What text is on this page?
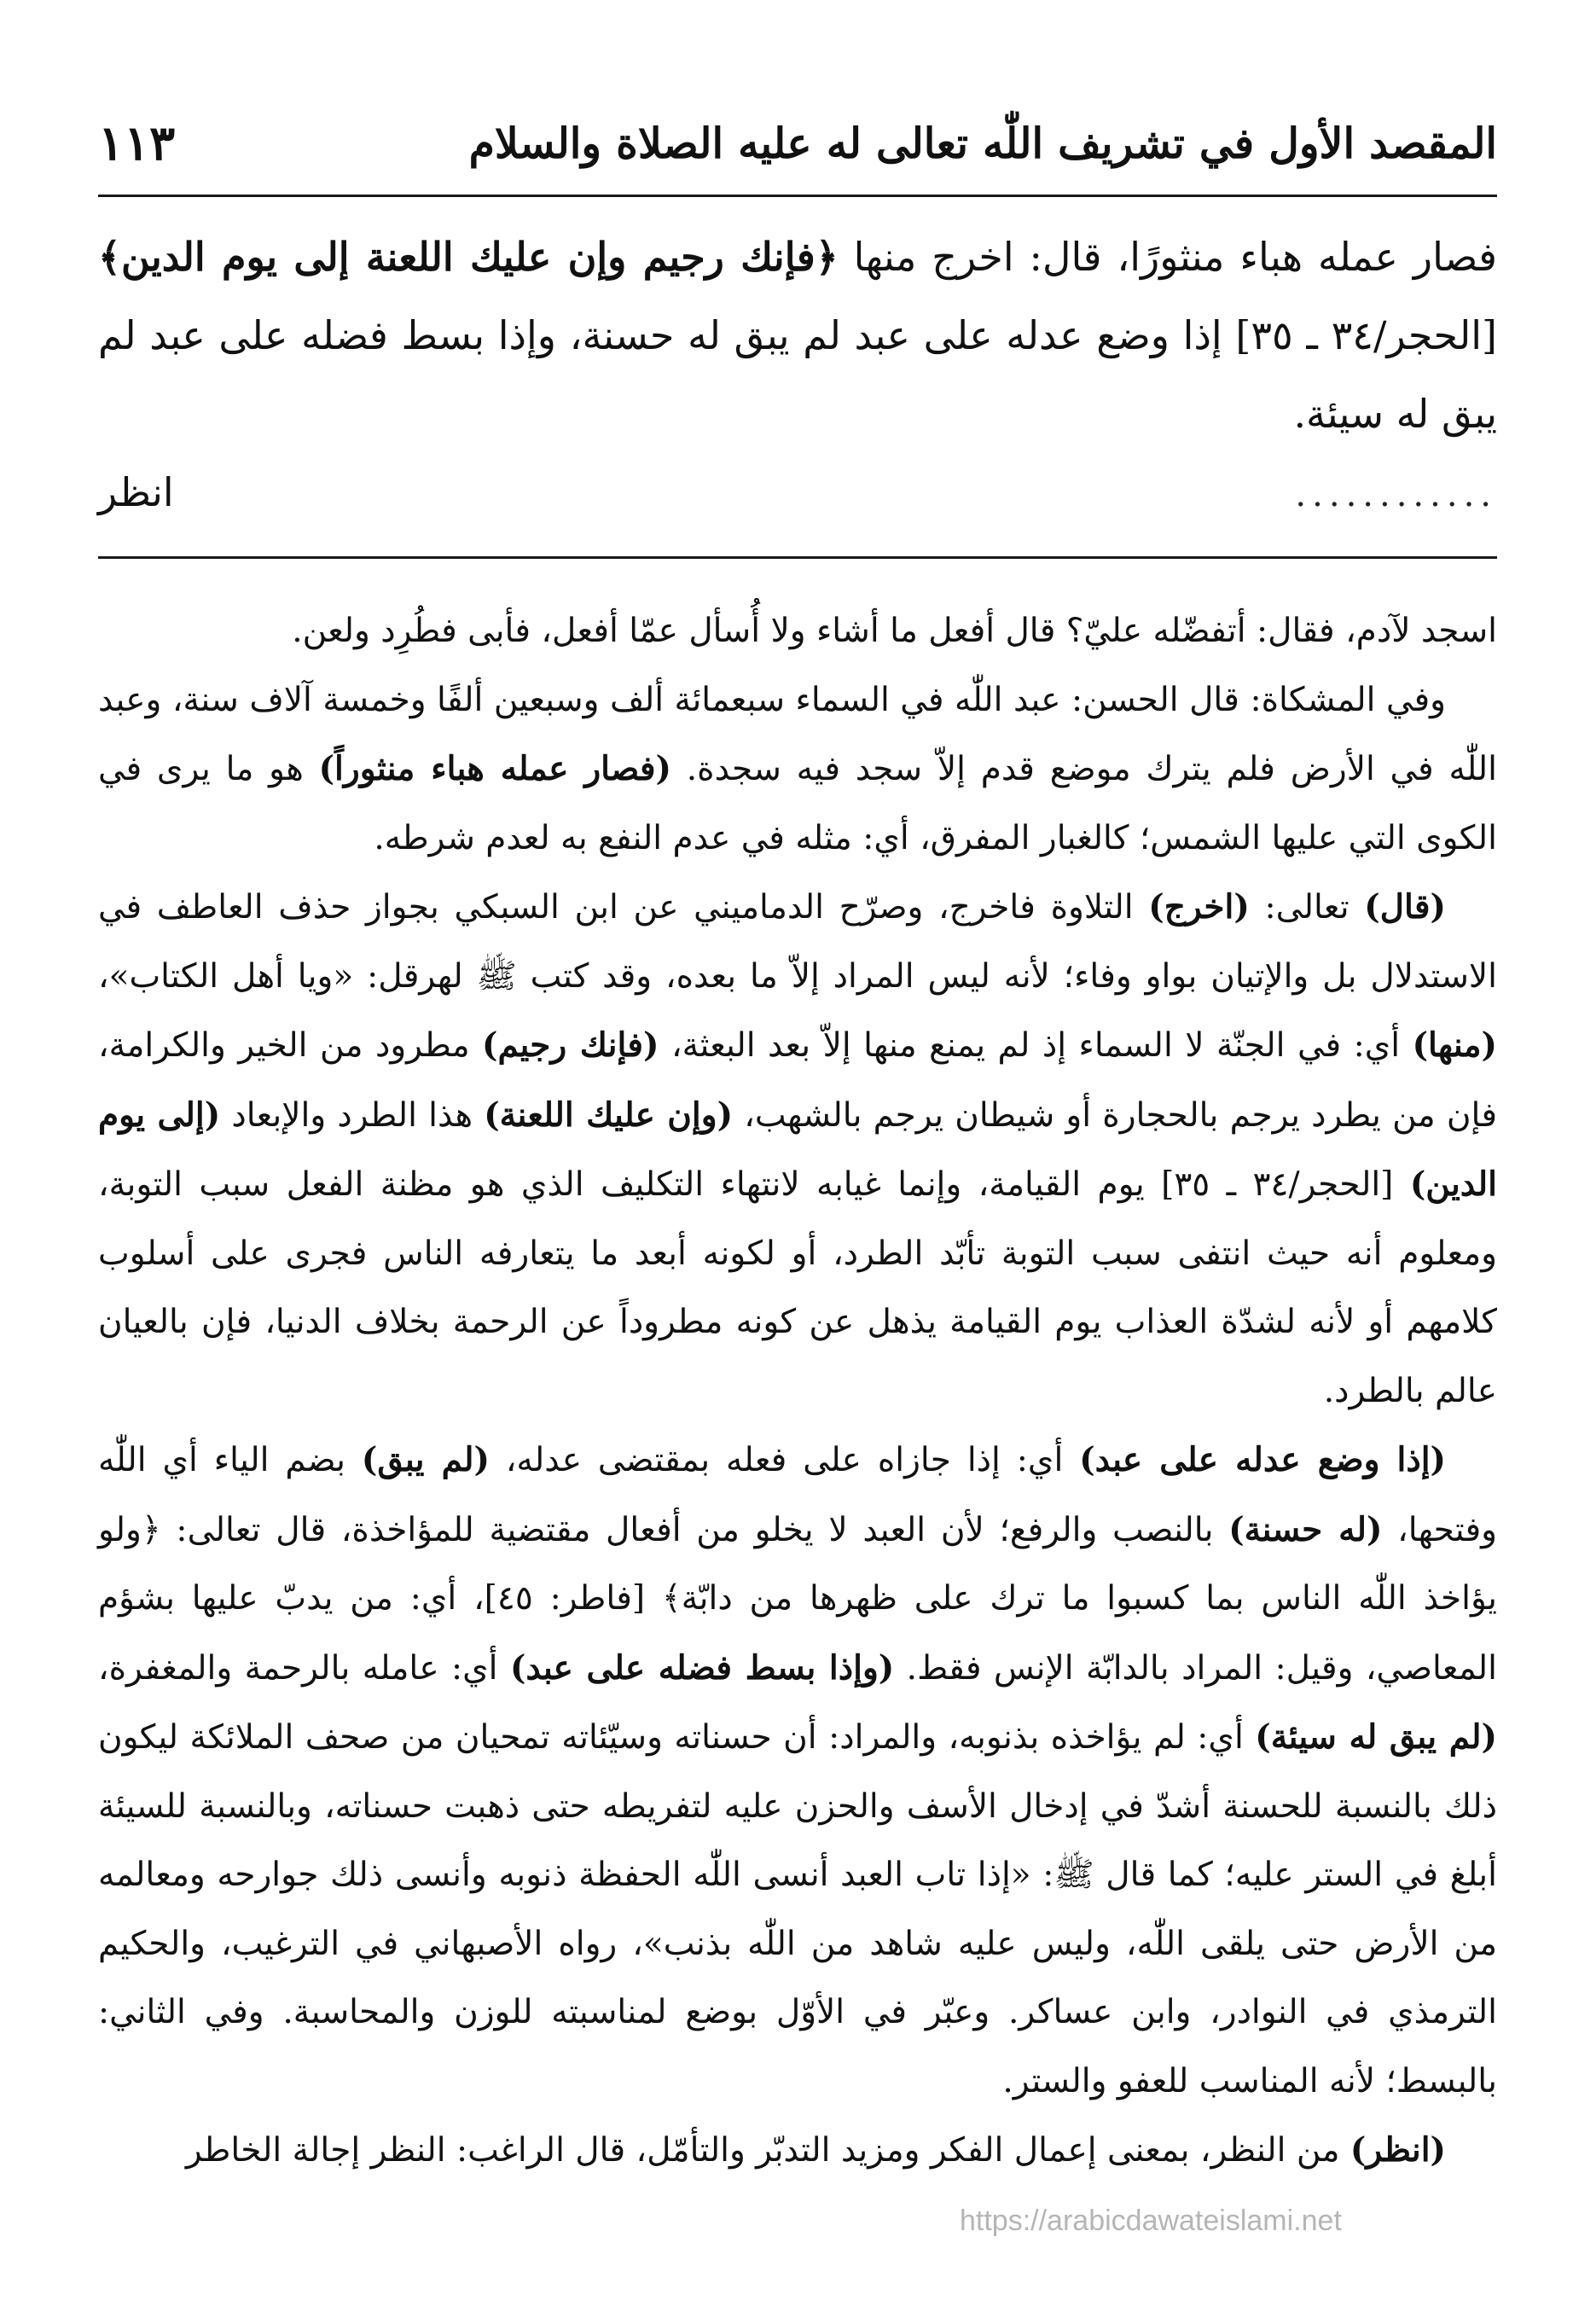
١١٣	المقصد الأول في تشريف اللّٰه تعالى له عليه الصلاة والسلام

فصار عمله هباء منثورًا، قال: اخرج منها ﴿فإنك رجيم وإن عليك اللعنة إلى يوم الدين﴾ [الحجر/٣٤ ـ ٣٥] إذا وضع عدله على عبد لم يبق له حسنة، وإذا بسط فضله على عبد لم يبق له سيئة.

انظر	............

اسجد لآدم، فقال: أتفضّله عليّ؟ قال أفعل ما أشاء ولا أُسأل عمّا أفعل، فأبى فطُرِد ولعن.

وفي المشكاة: قال الحسن: عبد اللّٰه في السماء سبعمائة ألف وسبعين ألفًا وخمسة آلاف سنة، وعبد اللّٰه في الأرض فلم يترك موضع قدم إلاّ سجد فيه سجدة. (فصار عمله هباء منثوراً) هو ما يرى في الكوى التي عليها الشمس؛ كالغبار المفرق، أي: مثله في عدم النفع به لعدم شرطه.

(قال) تعالى: (اخرج) التلاوة فاخرج، وصرّح الدماميني عن ابن السبكي بجواز حذف العاطف في الاستدلال بل والإتيان بواو وفاء؛ لأنه ليس المراد إلاّ ما بعده، وقد كتب ﷺ لهرقل: «ويا أهل الكتاب»، (منها) أي: في الجنّة لا السماء إذ لم يمنع منها إلاّ بعد البعثة، (فإنك رجيم) مطرود من الخير والكرامة، فإن من يطرد يرجم بالحجارة أو شيطان يرجم بالشهب، (وإن عليك اللعنة) هذا الطرد والإبعاد (إلى يوم الدين) [الحجر/٣٤ ـ ٣٥] يوم القيامة، وإنما غيابه لانتهاء التكليف الذي هو مظنة الفعل سبب التوبة، ومعلوم أنه حيث انتفى سبب التوبة تأبّد الطرد، أو لكونه أبعد ما يتعارفه الناس فجرى على أسلوب كلامهم أو لأنه لشدّة العذاب يوم القيامة يذهل عن كونه مطروداً عن الرحمة بخلاف الدنيا، فإن بالعيان عالم بالطرد.

(إذا وضع عدله على عبد) أي: إذا جازاه على فعله بمقتضى عدله، (لم يبق) بضم الياء أي اللّٰه وفتحها، (له حسنة) بالنصب والرفع؛ لأن العبد لا يخلو من أفعال مقتضية للمؤاخذة، قال تعالى: ﴿ولو يؤاخذ اللّٰه الناس بما كسبوا ما ترك على ظهرها من دابّة﴾ [فاطر: ٤٥]، أي: من يدبّ عليها بشؤم المعاصي، وقيل: المراد بالدابّة الإنس فقط. (وإذا بسط فضله على عبد) أي: عامله بالرحمة والمغفرة، (لم يبق له سيئة) أي: لم يؤاخذه بذنوبه، والمراد: أن حسناته وسيّئاته تمحيان من صحف الملائكة ليكون ذلك بالنسبة للحسنة أشدّ في إدخال الأسف والحزن عليه لتفريطه حتى ذهبت حسناته، وبالنسبة للسيئة أبلغ في الستر عليه؛ كما قال ﷺ: «إذا تاب العبد أنسى اللّٰه الحفظة ذنوبه وأنسى ذلك جوارحه ومعالمه من الأرض حتى يلقى اللّٰه، وليس عليه شاهد من اللّٰه بذنب»، رواه الأصبهاني في الترغيب، والحكيم الترمذي في النوادر، وابن عساكر. وعبّر في الأوّل بوضع لمناسبته للوزن والمحاسبة. وفي الثاني: بالبسط؛ لأنه المناسب للعفو والستر.

(انظر) من النظر، بمعنى إعمال الفكر ومزيد التدبّر والتأمّل، قال الراغب: النظر إجالة الخاطر

https://arabicdawateislami.net
